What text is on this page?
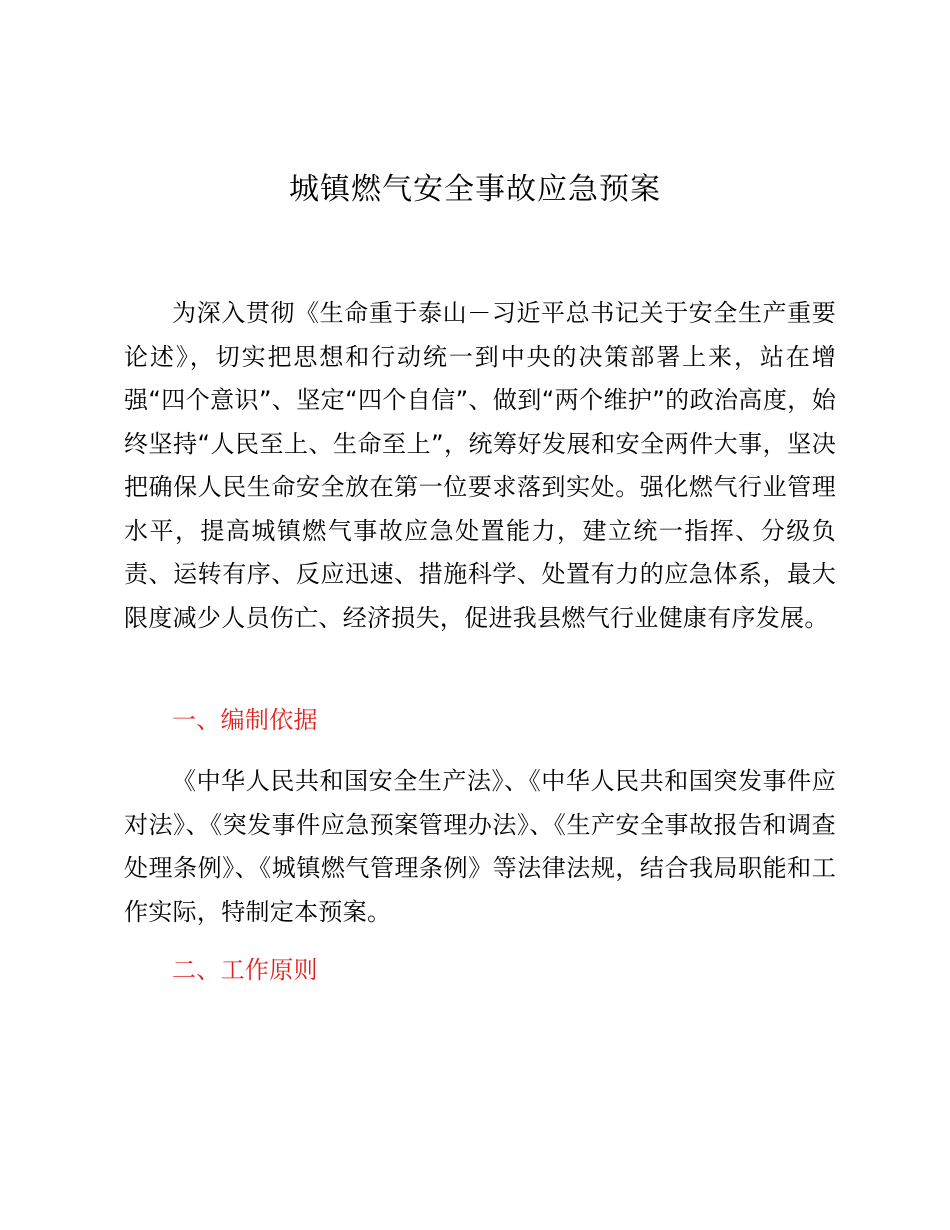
城镇燃气安全事故应急预案
为深入贯彻《生命重于泰山－习近平总书记关于安全生产重要论述》，切实把思想和行动统一到中央的决策部署上来，站在增强“四个意识”、坚定“四个自信”、做到“两个维护”的政治高度，始终坚持“人民至上、生命至上”，统筹好发展和安全两件大事，坚决把确保人民生命安全放在第一位要求落到实处。强化燃气行业管理水平，提高城镇燃气事故应急处置能力，建立统一指挥、分级负责、运转有序、反应迅速、措施科学、处置有力的应急体系，最大限度减少人员伤亡、经济损失，促进我县燃气行业健康有序发展。
一、编制依据
《中华人民共和国安全生产法》、《中华人民共和国突发事件应对法》、《突发事件应急预案管理办法》、《生产安全事故报告和调查处理条例》、《城镇燃气管理条例》等法律法规，结合我局职能和工作实际，特制定本预案。
二、工作原则
